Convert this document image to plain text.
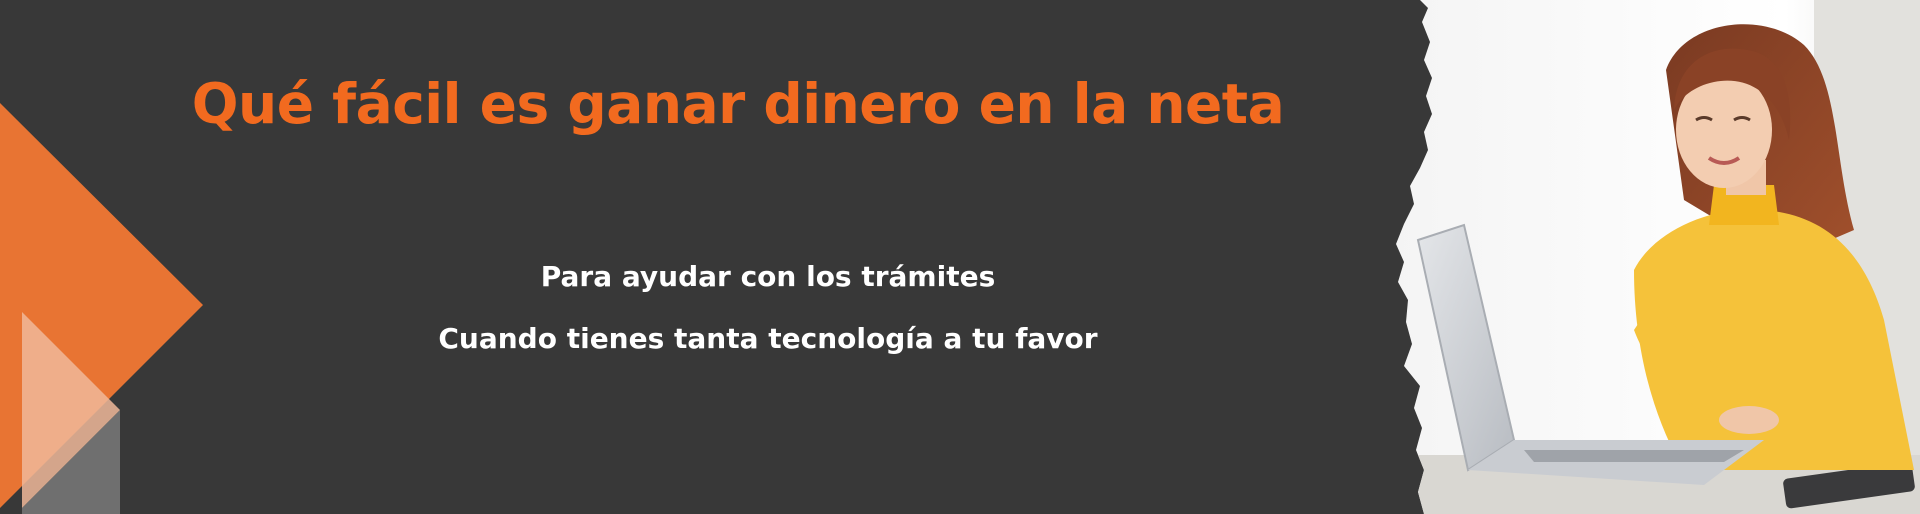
Qué fácil es ganar dinero en la neta

Para ayudar con los trámites

Cuando tienes tanta tecnología a tu favor
